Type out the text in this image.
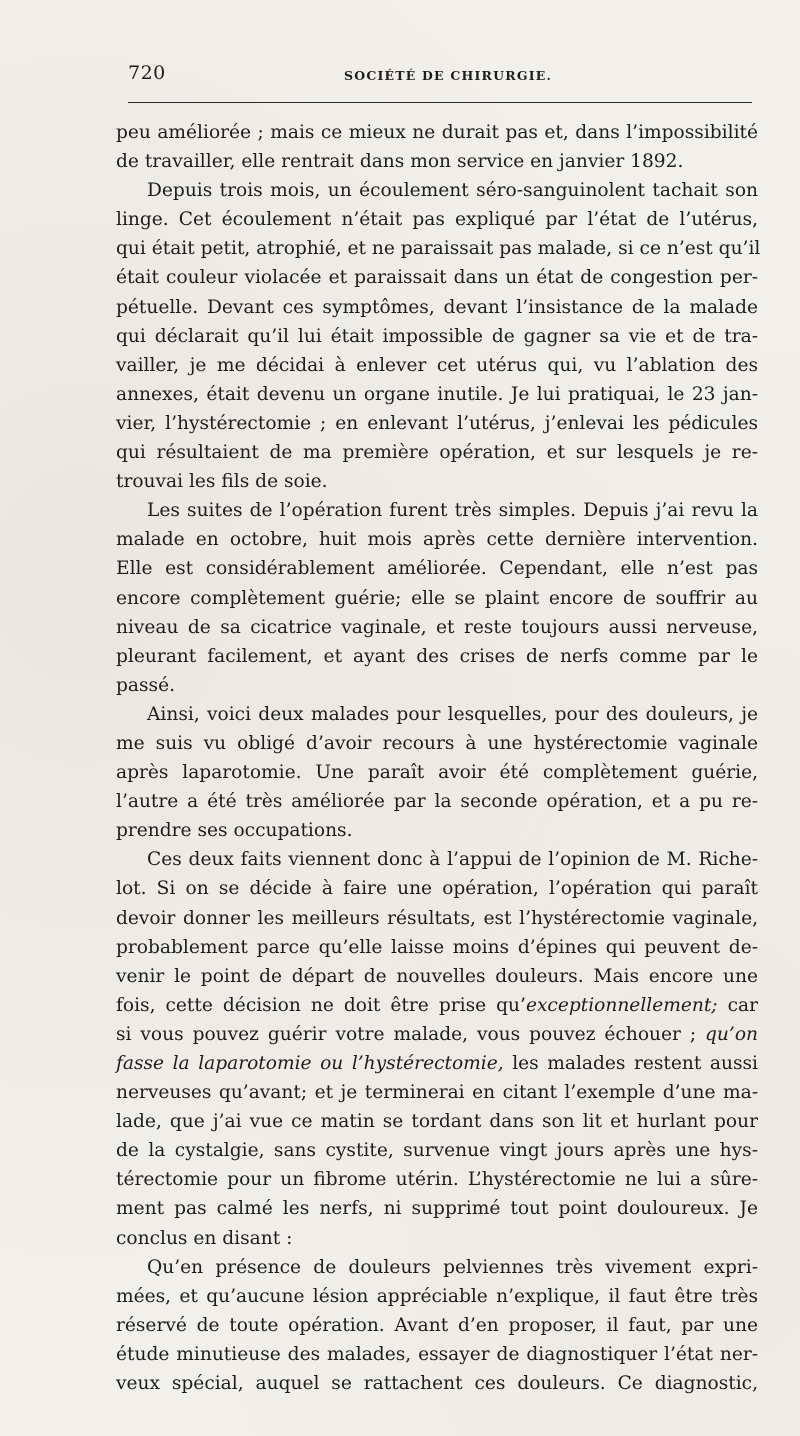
720	SOCIÉTÉ DE CHIRURGIE.
peu améliorée ; mais ce mieux ne durait pas et, dans l’impossibilité
de travailler, elle rentrait dans mon service en janvier 1892.
Depuis trois mois, un écoulement séro-sanguinolent tachait son
linge. Cet écoulement n’était pas expliqué par l’état de l’utérus,
qui était petit, atrophié, et ne paraissait pas malade, si ce n’est qu’il
était couleur violacée et paraissait dans un état de congestion per-
pétuelle. Devant ces symptômes, devant l’insistance de la malade
qui déclarait qu’il lui était impossible de gagner sa vie et de tra-
vailler, je me décidai à enlever cet utérus qui, vu l’ablation des
annexes, était devenu un organe inutile. Je lui pratiquai, le 23 jan-
vier, l’hystérectomie ; en enlevant l’utérus, j’enlevai les pédicules
qui résultaient de ma première opération, et sur lesquels je re-
trouvai les fils de soie.
Les suites de l’opération furent très simples. Depuis j’ai revu la
malade en octobre, huit mois après cette dernière intervention.
Elle est considérablement améliorée. Cependant, elle n’est pas
encore complètement guérie; elle se plaint encore de souffrir au
niveau de sa cicatrice vaginale, et reste toujours aussi nerveuse,
pleurant facilement, et ayant des crises de nerfs comme par le
passé.
Ainsi, voici deux malades pour lesquelles, pour des douleurs, je
me suis vu obligé d’avoir recours à une hystérectomie vaginale
après laparotomie. Une paraît avoir été complètement guérie,
l’autre a été très améliorée par la seconde opération, et a pu re-
prendre ses occupations.
Ces deux faits viennent donc à l’appui de l’opinion de M. Riche-
lot. Si on se décide à faire une opération, l’opération qui paraît
devoir donner les meilleurs résultats, est l’hystérectomie vaginale,
probablement parce qu’elle laisse moins d’épines qui peuvent de-
venir le point de départ de nouvelles douleurs. Mais encore une
fois, cette décision ne doit être prise qu’exceptionnellement; car
si vous pouvez guérir votre malade, vous pouvez échouer ; qu’on
fasse la laparotomie ou l’hystérectomie, les malades restent aussi
nerveuses qu’avant; et je terminerai en citant l’exemple d’une ma-
lade, que j’ai vue ce matin se tordant dans son lit et hurlant pour
de la cystalgie, sans cystite, survenue vingt jours après une hys-
térectomie pour un fibrome utérin. L’hystérectomie ne lui a sûre-
ment pas calmé les nerfs, ni supprimé tout point douloureux. Je
conclus en disant :
Qu’en présence de douleurs pelviennes très vivement expri-
mées, et qu’aucune lésion appréciable n’explique, il faut être très
réservé de toute opération. Avant d’en proposer, il faut, par une
étude minutieuse des malades, essayer de diagnostiquer l’état ner-
veux spécial, auquel se rattachent ces douleurs. Ce diagnostic,
